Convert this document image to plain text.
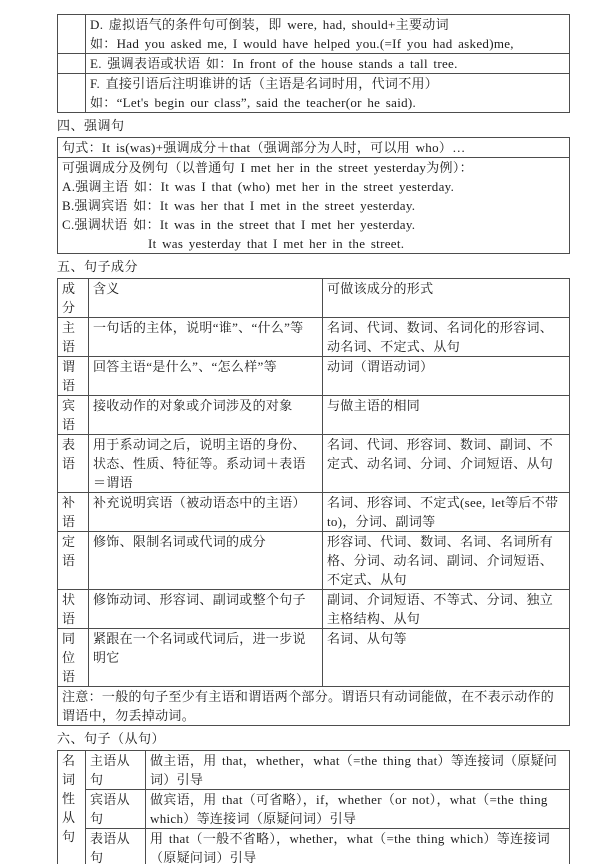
	D. 虚拟语气的条件句可倒装，即 were, had, should+主要动词
如：Had you asked me, I would have helped you.(=If you had asked)me,

	E. 强调表语或状语 如：In front of the house stands a tall tree.

	F. 直接引语后注明谁讲的话（主语是名词时用，代词不用）
如：“Let's begin our class”, said the teacher(or he said).
四、强调句
句式：It is(was)+强调成分＋that（强调部分为人时，可以用 who）…

可强调成分及例句（以普通句 I met her in the street yesterday为例）：
A.强调主语 如：It was I that (who) met her in the street yesterday.
B.强调宾语 如：It was her that I met in the street yesterday.
C.强调状语 如：It was in the street that I met her yesterday.
It was yesterday that I met her in the street.
五、句子成分
成分	含义	可做该成分的形式
主语	一句话的主体，说明“谁”、“什么”等	名词、代词、数词、名词化的形容词、动名词、不定式、从句
谓语	回答主语“是什么”、“怎么样”等	动词（谓语动词）
宾语	接收动作的对象或介词涉及的对象	与做主语的相同
表语	用于系动词之后，说明主语的身份、状态、性质、特征等。系动词＋表语＝谓语	名词、代词、形容词、数词、副词、不定式、动名词、分词、介词短语、从句
补语	补充说明宾语（被动语态中的主语）	名词、形容词、不定式(see, let等后不带 to)，分词、副词等
定语	修饰、限制名词或代词的成分	形容词、代词、数词、名词、名词所有格、分词、动名词、副词、介词短语、不定式、从句
状语	修饰动词、形容词、副词或整个句子	副词、介词短语、不等式、分词、独立主格结构、从句
同位语	紧跟在一个名词或代词后，进一步说明它	名词、从句等
注意：一般的句子至少有主语和谓语两个部分。谓语只有动词能做，在不表示动作的谓语中，勿丢掉动词。		
六、句子（从句）
名词性从句	主语从句	做主语，用 that，whether，what（=the thing that）等连接词（原疑问词）引导
	宾语从句	做宾语，用 that（可省略），if，whether（or not），what（=the thing which）等连接词（原疑问词）引导
	表语从句	用 that（一般不省略），whether，what（=the thing which）等连接词（原疑问词）引导
